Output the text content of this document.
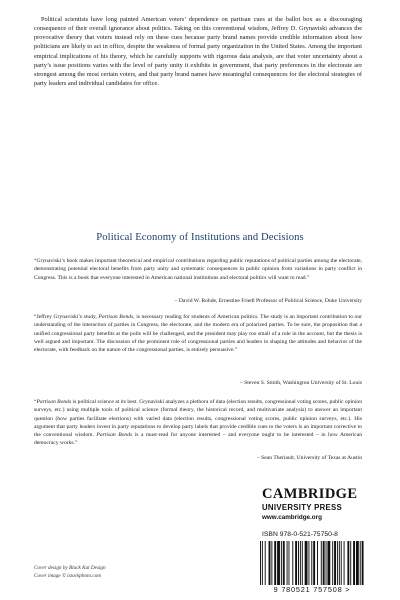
Political scientists have long painted American voters’ dependence on partisan cues at the ballot box as a discouraging consequence of their overall ignorance about politics. Taking on this conventional wisdom, Jeffrey D. Grynaviski advances the provocative theory that voters instead rely on these cues because party brand names provide credible information about how politicians are likely to act in office, despite the weakness of formal party organization in the United States. Among the important empirical implications of his theory, which he carefully supports with rigorous data analysis, are that voter uncertainty about a party’s issue positions varies with the level of party unity it exhibits in government, that party preferences in the electorate are strongest among the most certain voters, and that party brand names have meaningful consequences for the electoral strategies of party leaders and individual candidates for office.

Political Economy of Institutions and Decisions

“Grynaviski’s book makes important theoretical and empirical contributions regarding public reputations of political parties among the electorate, demonstrating potential electoral benefits from party unity and systematic consequences in public opinion from variations in party conflict in Congress. This is a book that everyone interested in American national institutions and electoral politics will want to read.”

– David W. Rohde, Ernestine Friedl Professor of Political Science, Duke University

“Jeffrey Grynaviski’s study, Partisan Bonds, is necessary reading for students of American politics. The study is an important contribution to our understanding of the interaction of parties in Congress, the electorate, and the modern era of polarized parties. To be sure, the proposition that a unified congressional party benefits at the polls will be challenged, and the president may play too small of a role in the account, but the thesis is well argued and important. The discussion of the prominent role of congressional parties and leaders in shaping the attitudes and behavior of the electorate, with feedback on the nature of the congressional parties, is entirely persuasive.”

– Steven S. Smith, Washington University of St. Louis

“Partisan Bonds is political science at its best. Grynaviski analyzes a plethora of data (election results, congressional voting scores, public opinion surveys, etc.) using multiple tools of political science (formal theory, the historical record, and multivariate analysis) to answer an important question (how parties facilitate elections) with varied data (election results, congressional voting scores, public opinion surveys, etc.). His argument that party leaders invest in party reputations to develop party labels that provide credible cues to the voters is an important corrective to the conventional wisdom. Partisan Bonds is a must-read for anyone interested – and everyone ought to be interested – in how American democracy works.”

– Sean Theriault, University of Texas at Austin

Cover design by Black Kat Design
Cover image © istockphoto.com
CAMBRIDGE
UNIVERSITY PRESS
www.cambridge.org
ISBN 978-0-521-75750-8
9 780521 757508 >
